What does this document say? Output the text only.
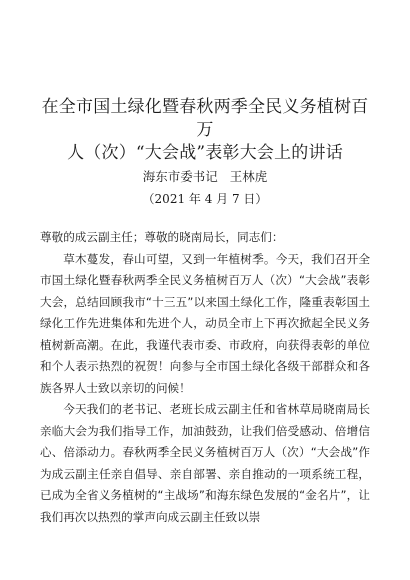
在全市国土绿化暨春秋两季全民义务植树百万
人（次）“大会战”表彰大会上的讲话

海东市委书记 王林虎

（2021 年 4 月 7 日）

尊敬的成云副主任；尊敬的晓南局长，同志们：

草木蔓发，春山可望，又到一年植树季。今天，我们召开全市国土绿化暨春秋两季全民义务植树百万人（次）“大会战”表彰大会，总结回顾我市“十三五”以来国土绿化工作，隆重表彰国土绿化工作先进集体和先进个人，动员全市上下再次掀起全民义务植树新高潮。在此，我谨代表市委、市政府，向获得表彰的单位和个人表示热烈的祝贺！向参与全市国土绿化各级干部群众和各族各界人士致以亲切的问候！

今天我们的老书记、老班长成云副主任和省林草局晓南局长亲临大会为我们指导工作，加油鼓劲，让我们倍受感动、倍增信心、倍添动力。春秋两季全民义务植树百万人（次）“大会战”作为成云副主任亲自倡导、亲自部署、亲自推动的一项系统工程，已成为全省义务植树的“主战场”和海东绿色发展的“金名片”，让我们再次以热烈的掌声向成云副主任致以崇
